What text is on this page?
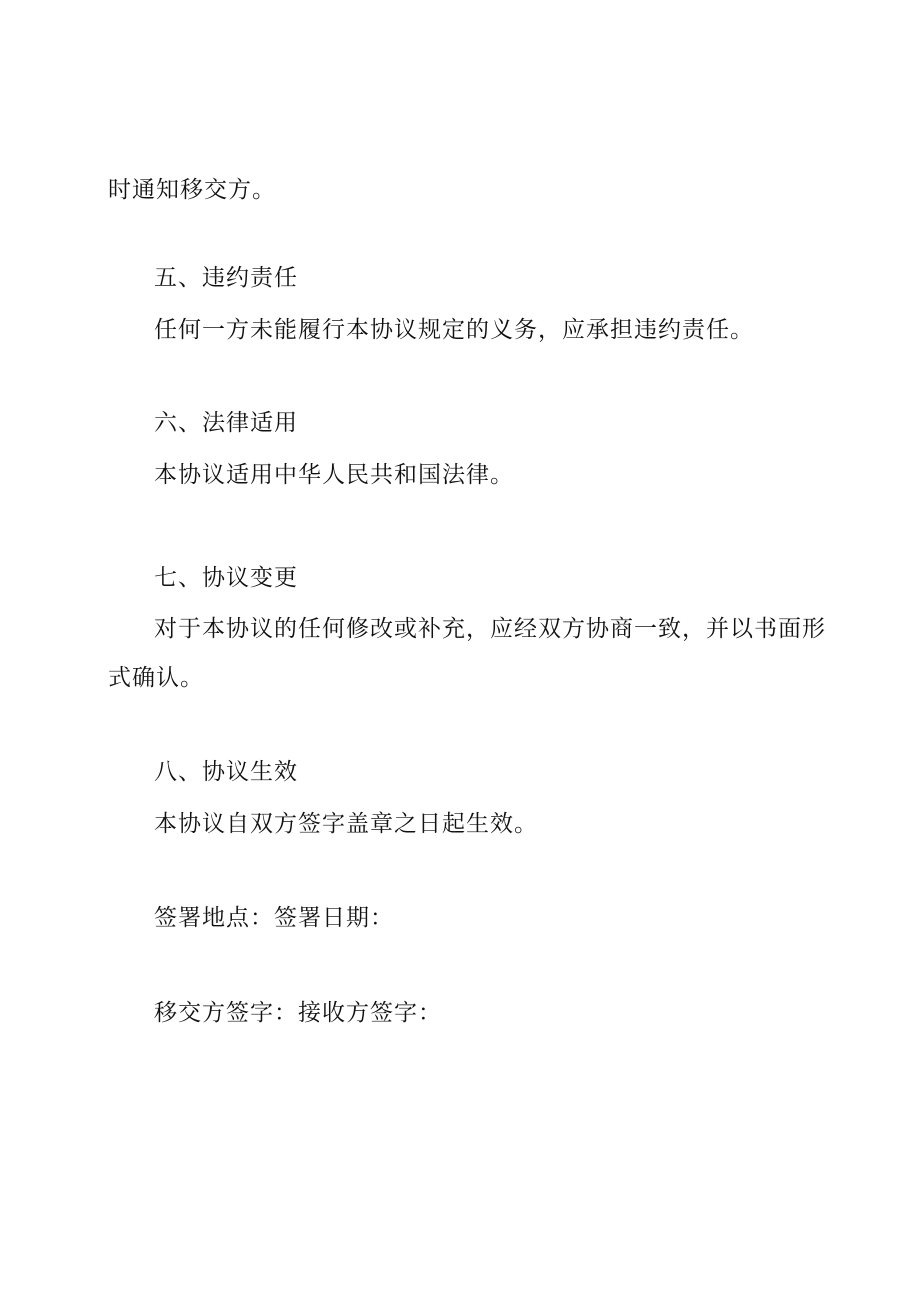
时通知移交方。
五、违约责任
任何一方未能履行本协议规定的义务，应承担违约责任。
六、法律适用
本协议适用中华人民共和国法律。
七、协议变更
对于本协议的任何修改或补充，应经双方协商一致，并以书面形
式确认。
八、协议生效
本协议自双方签字盖章之日起生效。
签署地点：签署日期：
移交方签字：接收方签字：
